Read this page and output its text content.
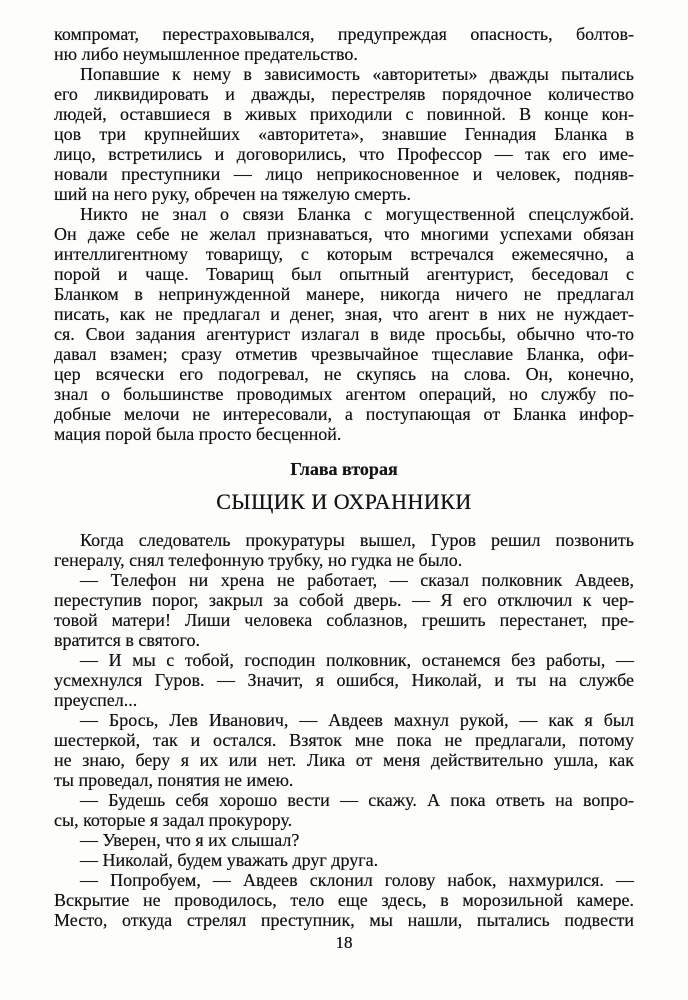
компромат, перестраховывался, предупреждая опасность, болтов-
ню либо неумышленное предательство.
Попавшие к нему в зависимость «авторитеты» дважды пытались
его ликвидировать и дважды, перестреляв порядочное количество
людей, оставшиеся в живых приходили с повинной. В конце кон-
цов три крупнейших «авторитета», знавшие Геннадия Бланка в
лицо, встретились и договорились, что Профессор — так его име-
новали преступники — лицо неприкосновенное и человек, подняв-
ший на него руку, обречен на тяжелую смерть.
Никто не знал о связи Бланка с могущественной спецслужбой.
Он даже себе не желал признаваться, что многими успехами обязан
интеллигентному товарищу, с которым встречался ежемесячно, а
порой и чаще. Товарищ был опытный агентурист, беседовал с
Бланком в непринужденной манере, никогда ничего не предлагал
писать, как не предлагал и денег, зная, что агент в них не нуждает-
ся. Свои задания агентурист излагал в виде просьбы, обычно что-то
давал взамен; сразу отметив чрезвычайное тщеславие Бланка, офи-
цер всячески его подогревал, не скупясь на слова. Он, конечно,
знал о большинстве проводимых агентом операций, но службу по-
добные мелочи не интересовали, а поступающая от Бланка инфор-
мация порой была просто бесценной.
Глава вторая
СЫЩИК И ОХРАННИКИ
Когда следователь прокуратуры вышел, Гуров решил позвонить
генералу, снял телефонную трубку, но гудка не было.
— Телефон ни хрена не работает, — сказал полковник Авдеев,
переступив порог, закрыл за собой дверь. — Я его отключил к чер-
товой матери! Лиши человека соблазнов, грешить перестанет, пре-
вратится в святого.
— И мы с тобой, господин полковник, останемся без работы, —
усмехнулся Гуров. — Значит, я ошибся, Николай, и ты на службе
преуспел...
— Брось, Лев Иванович, — Авдеев махнул рукой, — как я был
шестеркой, так и остался. Взяток мне пока не предлагали, потому
не знаю, беру я их или нет. Лика от меня действительно ушла, как
ты проведал, понятия не имею.
— Будешь себя хорошо вести — скажу. А пока ответь на вопро-
сы, которые я задал прокурору.
— Уверен, что я их слышал?
— Николай, будем уважать друг друга.
— Попробуем, — Авдеев склонил голову набок, нахмурился. —
Вскрытие не проводилось, тело еще здесь, в морозильной камере.
Место, откуда стрелял преступник, мы нашли, пытались подвести
18
